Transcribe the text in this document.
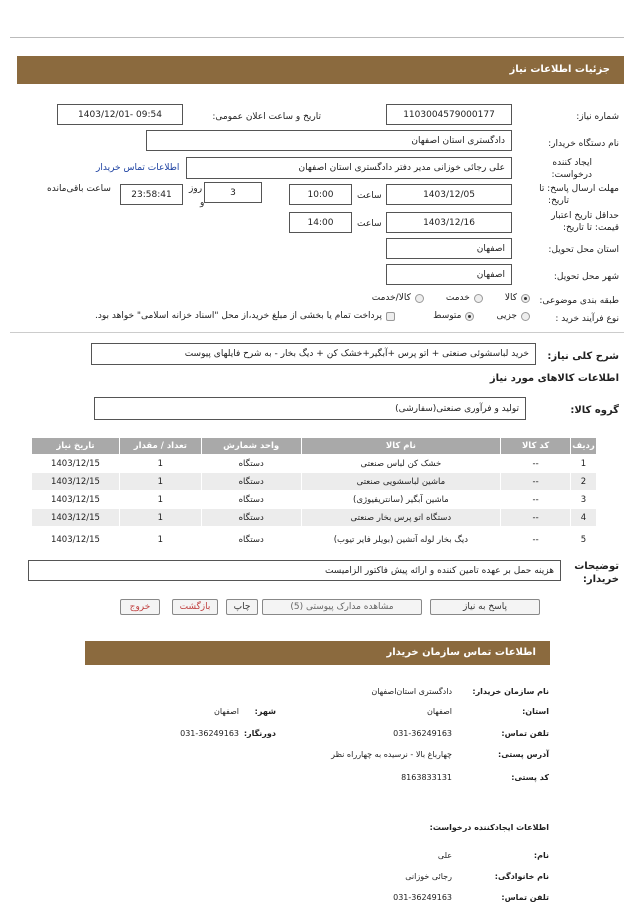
جزئیات اطلاعات نیاز
شماره نیاز:
1103004579000177
تاریخ و ساعت اعلان عمومی:
1403/12/01- 09:54
نام دستگاه خریدار:
دادگستری استان اصفهان
ایجاد کننده
درخواست:
علی رجائی خوزانی مدیر دفتر دادگستری استان اصفهان
اطلاعات تماس خریدار
مهلت ارسال پاسخ: تا
تاریخ:
1403/12/05
ساعت
10:00
3
روز
و
23:58:41
ساعت باقی‌مانده
حداقل تاریخ اعتبار
قیمت: تا تاریخ:
1403/12/16
ساعت
14:00
استان محل تحویل:
اصفهان
شهر محل تحویل:
اصفهان
طبقه بندی موضوعی:
کالا
خدمت
کالا/خدمت
نوع فرآیند خرید :
جزیی
متوسط
پرداخت تمام یا بخشی از مبلغ خرید،از محل "اسناد خزانه اسلامی" خواهد بود.
شرح کلی نیاز:
خرید لباسشوئی صنعتی + اتو پرس +آبگیر+خشک کن + دیگ بخار - به شرح فایلهای پیوست
اطلاعات کالاهای مورد نیاز
گروه کالا:
تولید و فرآوری صنعتی(سفارشی)
ردیف	کد کالا	نام کالا	واحد شمارش	تعداد / مقدار	تاریخ نیاز
1	--	خشک کن لباس صنعتی	دستگاه	1	1403/12/15
2	--	ماشین لباسشویی صنعتی	دستگاه	1	1403/12/15
3	--	ماشین آبگیر (سانتریفیوژی)	دستگاه	1	1403/12/15
4	--	دستگاه اتو پرس بخار صنعتی	دستگاه	1	1403/12/15
5	--	دیگ بخار لوله آتشین (بویلر فایر تیوب)	دستگاه	1	1403/12/15
توضیحات
خریدار:
هزینه حمل بر عهده تامین کننده و ارائه پیش فاکتور الزامیست
پاسخ به نیاز
مشاهده مدارک پیوستی (5)
چاپ
بازگشت
خروج
اطلاعات تماس سازمان خریدار
نام سازمان خریدار:
دادگستری استان‌اصفهان
استان:
اصفهان
شهر:
اصفهان
تلفن تماس:
031-36249163
دورنگار:
031-36249163
آدرس پستی:
چهارباغ بالا - نرسیده به چهارراه نظر
کد پستی:
8163833131
اطلاعات ایجادکننده درخواست:
نام:
علی
نام خانوادگی:
رجائی خوزانی
تلفن تماس:
031-36249163
